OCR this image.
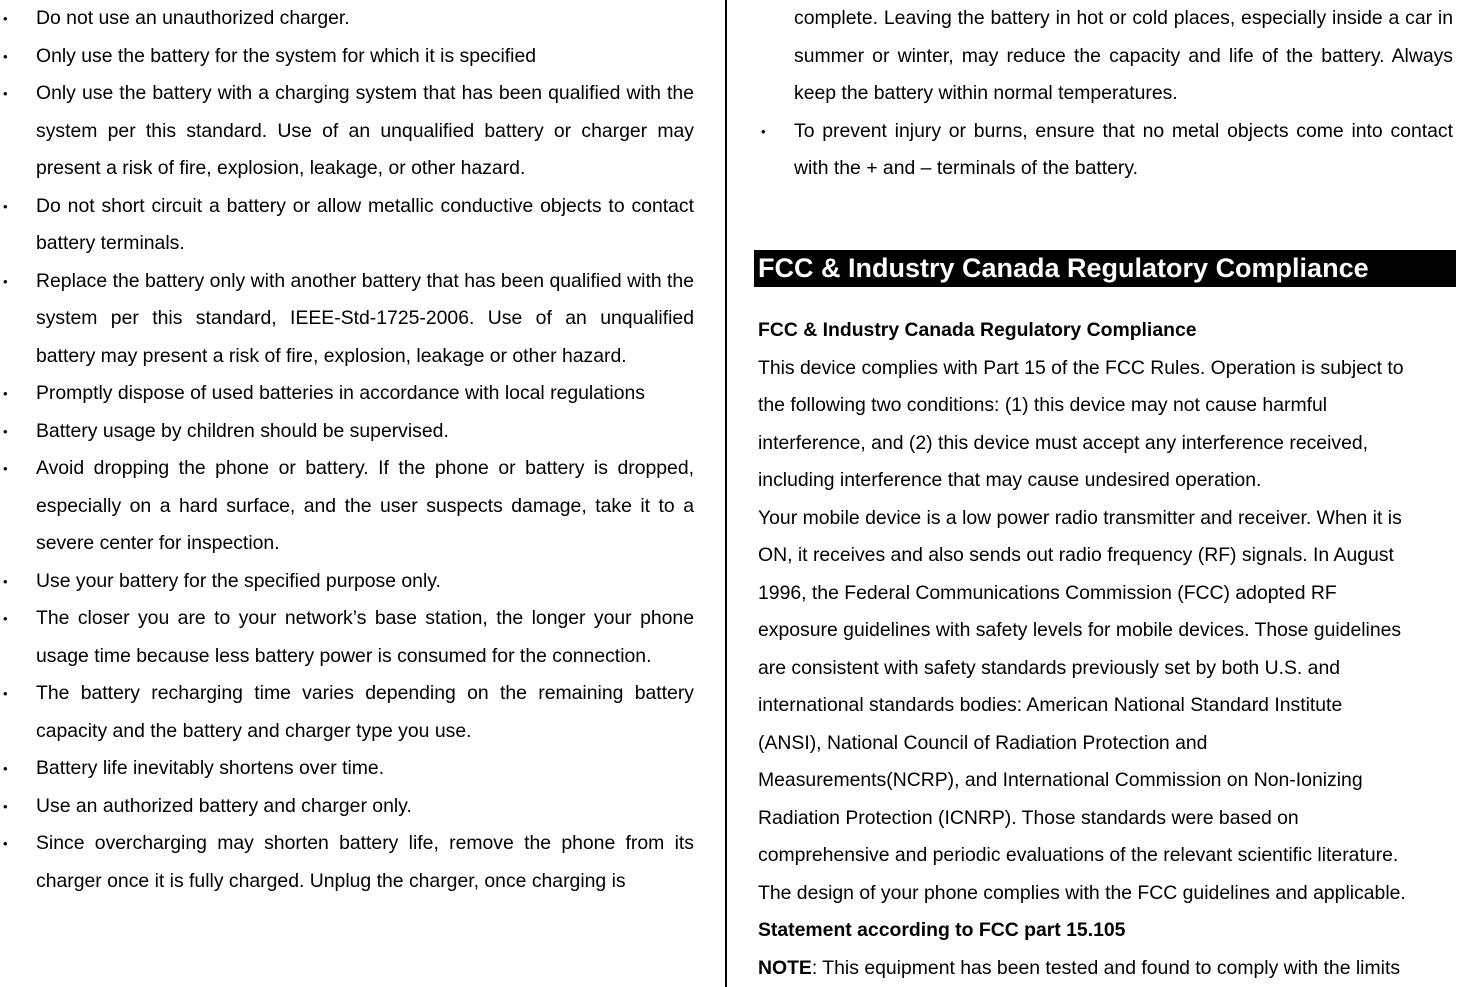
• Do not use an unauthorized charger.
• Only use the battery for the system for which it is specified
• Only use the battery with a charging system that has been qualified with the system per this standard. Use of an unqualified battery or charger may present a risk of fire, explosion, leakage, or other hazard.
• Do not short circuit a battery or allow metallic conductive objects to contact battery terminals.
• Replace the battery only with another battery that has been qualified with the system per this standard, IEEE-Std-1725-2006. Use of an unqualified battery may present a risk of fire, explosion, leakage or other hazard.
• Promptly dispose of used batteries in accordance with local regulations
• Battery usage by children should be supervised.
• Avoid dropping the phone or battery. If the phone or battery is dropped, especially on a hard surface, and the user suspects damage, take it to a severe center for inspection.
• Use your battery for the specified purpose only.
• The closer you are to your network’s base station, the longer your phone usage time because less battery power is consumed for the connection.
• The battery recharging time varies depending on the remaining battery capacity and the battery and charger type you use.
• Battery life inevitably shortens over time.
• Use an authorized battery and charger only.
• Since overcharging may shorten battery life, remove the phone from its charger once it is fully charged. Unplug the charger, once charging is

complete. Leaving the battery in hot or cold places, especially inside a car in summer or winter, may reduce the capacity and life of the battery. Always keep the battery within normal temperatures.

• To prevent injury or burns, ensure that no metal objects come into contact with the + and – terminals of the battery.
FCC & Industry Canada Regulatory Compliance

FCC & Industry Canada Regulatory Compliance

This device complies with Part 15 of the FCC Rules. Operation is subject to

the following two conditions: (1) this device may not cause harmful

interference, and (2) this device must accept any interference received,

including interference that may cause undesired operation.

Your mobile device is a low power radio transmitter and receiver. When it is

ON, it receives and also sends out radio frequency (RF) signals. In August

1996, the Federal Communications Commission (FCC) adopted RF

exposure guidelines with safety levels for mobile devices. Those guidelines

are consistent with safety standards previously set by both U.S. and

international standards bodies: American National Standard Institute

(ANSI), National Council of Radiation Protection and

Measurements(NCRP), and International Commission on Non-Ionizing

Radiation Protection (ICNRP). Those standards were based on

comprehensive and periodic evaluations of the relevant scientific literature.

The design of your phone complies with the FCC guidelines and applicable.

Statement according to FCC part 15.105

NOTE: This equipment has been tested and found to comply with the limits
